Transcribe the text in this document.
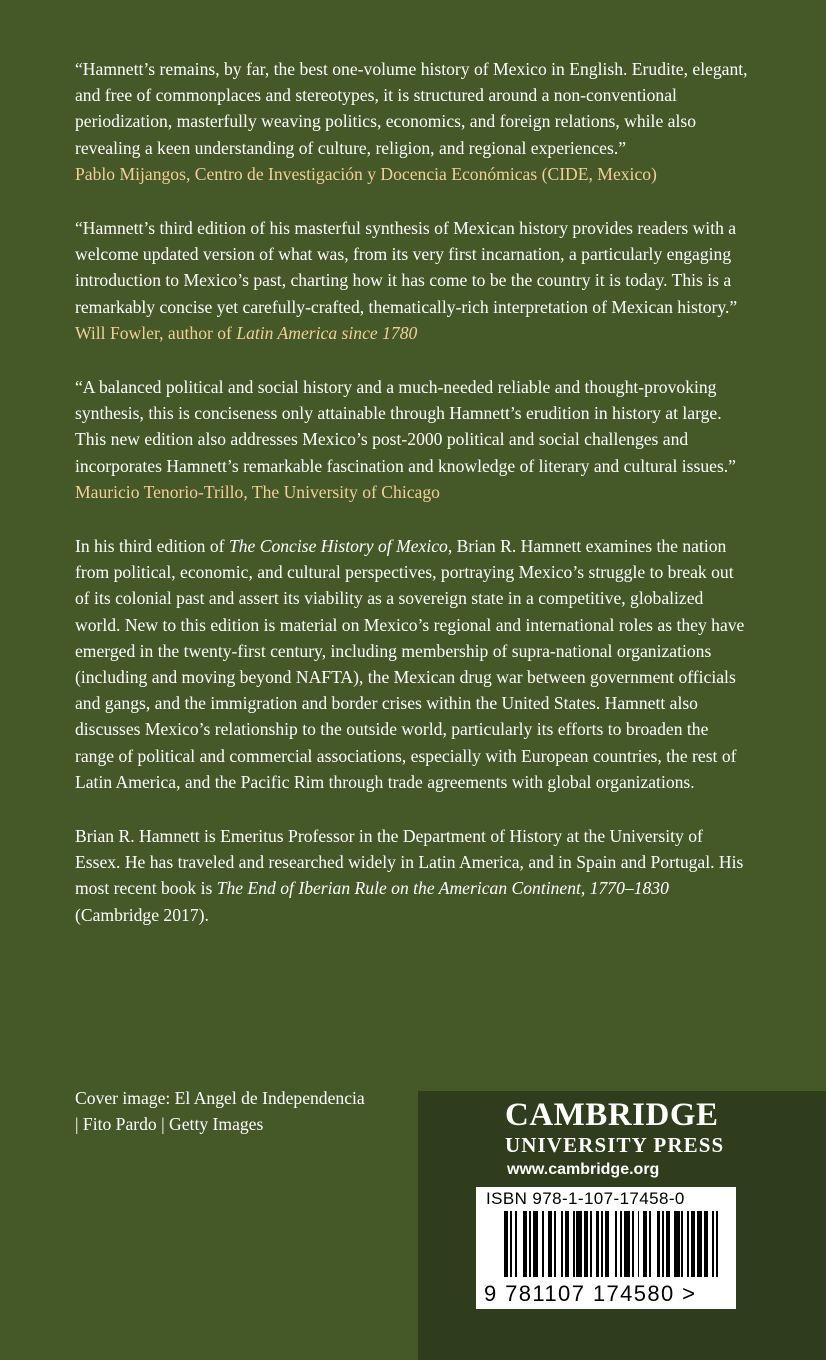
“Hamnett’s remains, by far, the best one-volume history of Mexico in English. Erudite, elegant, and free of commonplaces and stereotypes, it is structured around a non-conventional periodization, masterfully weaving politics, economics, and foreign relations, while also revealing a keen understanding of culture, religion, and regional experiences.”

Pablo Mijangos, Centro de Investigación y Docencia Económicas (CIDE, Mexico)

“Hamnett’s third edition of his masterful synthesis of Mexican history provides readers with a welcome updated version of what was, from its very first incarnation, a particularly engaging introduction to Mexico’s past, charting how it has come to be the country it is today. This is a remarkably concise yet carefully-crafted, thematically-rich interpretation of Mexican history.”

Will Fowler, author of Latin America since 1780

“A balanced political and social history and a much-needed reliable and thought-provoking synthesis, this is conciseness only attainable through Hamnett’s erudition in history at large. This new edition also addresses Mexico’s post-2000 political and social challenges and incorporates Hamnett’s remarkable fascination and knowledge of literary and cultural issues.”

Mauricio Tenorio-Trillo, The University of Chicago

In his third edition of The Concise History of Mexico, Brian R. Hamnett examines the nation from political, economic, and cultural perspectives, portraying Mexico’s struggle to break out of its colonial past and assert its viability as a sovereign state in a competitive, globalized world. New to this edition is material on Mexico’s regional and international roles as they have emerged in the twenty-first century, including membership of supra-national organizations (including and moving beyond NAFTA), the Mexican drug war between government officials and gangs, and the immigration and border crises within the United States. Hamnett also discusses Mexico’s relationship to the outside world, particularly its efforts to broaden the range of political and commercial associations, especially with European countries, the rest of Latin America, and the Pacific Rim through trade agreements with global organizations.

Brian R. Hamnett is Emeritus Professor in the Department of History at the University of Essex. He has traveled and researched widely in Latin America, and in Spain and Portugal. His most recent book is The End of Iberian Rule on the American Continent, 1770–1830 (Cambridge 2017).

Cover image: El Angel de Independencia
| Fito Pardo | Getty Images	CAMBRIDGE
UNIVERSITY PRESS
www.cambridge.org
ISBN 978-1-107-17458-0
9 781107 174580 >
